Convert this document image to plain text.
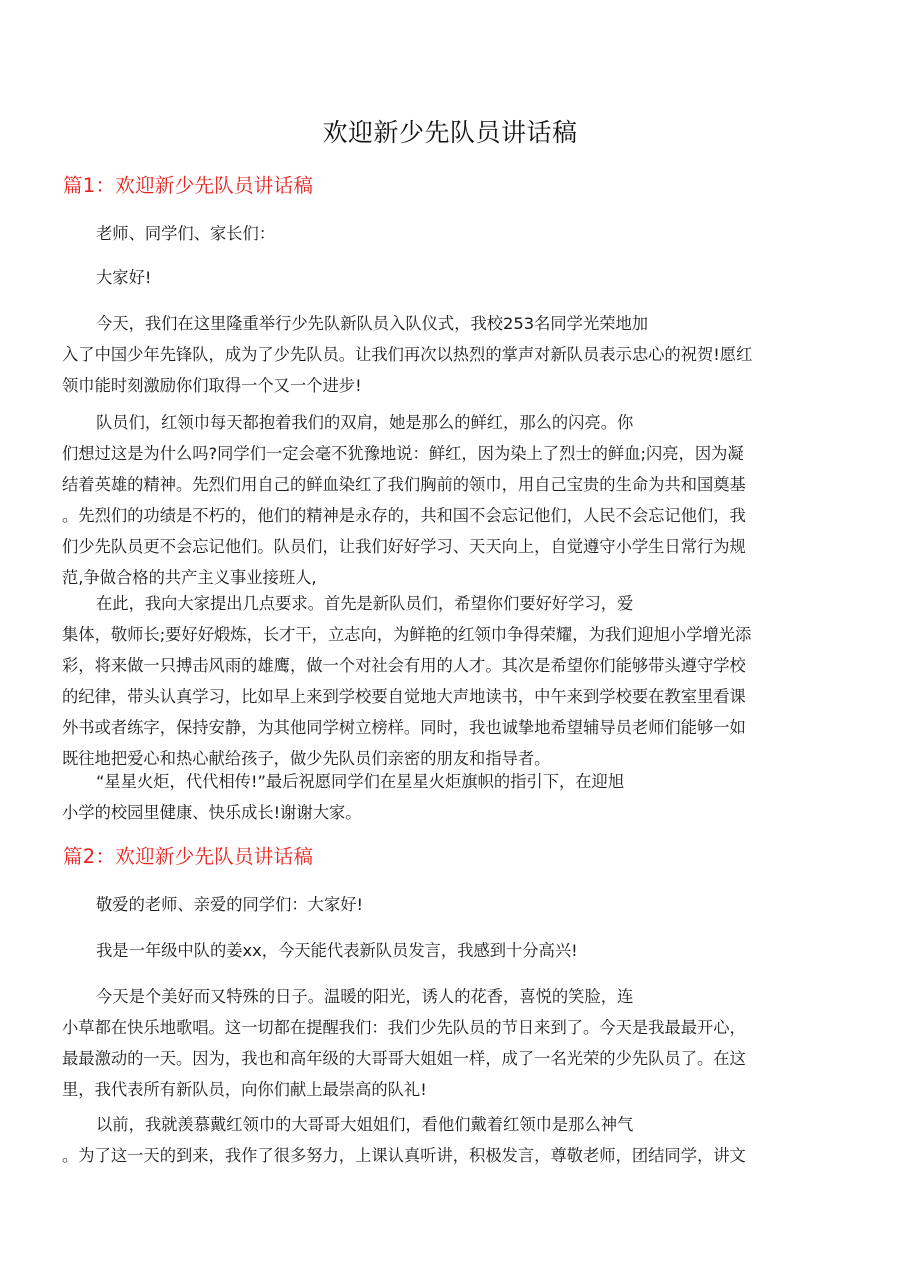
欢迎新少先队员讲话稿
篇1：欢迎新少先队员讲话稿
老师、同学们、家长们：
大家好!
今天，我们在这里隆重举行少先队新队员入队仪式，我校253名同学光荣地加
入了中国少年先锋队，成为了少先队员。让我们再次以热烈的掌声对新队员表示忠心的祝贺!愿红
领巾能时刻激励你们取得一个又一个进步!
队员们，红领巾每天都抱着我们的双肩，她是那么的鲜红，那么的闪亮。你
们想过这是为什么吗?同学们一定会毫不犹豫地说：鲜红，因为染上了烈士的鲜血;闪亮，因为凝
结着英雄的精神。先烈们用自己的鲜血染红了我们胸前的领巾，用自己宝贵的生命为共和国奠基
。先烈们的功绩是不朽的，他们的精神是永存的，共和国不会忘记他们，人民不会忘记他们，我
们少先队员更不会忘记他们。队员们，让我们好好学习、天天向上，自觉遵守小学生日常行为规
范,争做合格的共产主义事业接班人,
在此，我向大家提出几点要求。首先是新队员们，希望你们要好好学习，爱
集体，敬师长;要好好煅炼，长才干，立志向，为鲜艳的红领巾争得荣耀，为我们迎旭小学增光添
彩，将来做一只搏击风雨的雄鹰，做一个对社会有用的人才。其次是希望你们能够带头遵守学校
的纪律，带头认真学习，比如早上来到学校要自觉地大声地读书，中午来到学校要在教室里看课
外书或者练字，保持安静，为其他同学树立榜样。同时，我也诚挚地希望辅导员老师们能够一如
既往地把爱心和热心献给孩子，做少先队员们亲密的朋友和指导者。
“星星火炬，代代相传!”最后祝愿同学们在星星火炬旗帜的指引下，在迎旭
小学的校园里健康、快乐成长!谢谢大家。
篇2：欢迎新少先队员讲话稿
敬爱的老师、亲爱的同学们：大家好!
我是一年级中队的姜xx，今天能代表新队员发言，我感到十分高兴!
今天是个美好而又特殊的日子。温暖的阳光，诱人的花香，喜悦的笑脸，连
小草都在快乐地歌唱。这一切都在提醒我们：我们少先队员的节日来到了。今天是我最最开心，
最最激动的一天。因为，我也和高年级的大哥哥大姐姐一样，成了一名光荣的少先队员了。在这
里，我代表所有新队员，向你们献上最崇高的队礼!
以前，我就羡慕戴红领巾的大哥哥大姐姐们，看他们戴着红领巾是那么神气
。为了这一天的到来，我作了很多努力，上课认真听讲，积极发言，尊敬老师，团结同学，讲文
